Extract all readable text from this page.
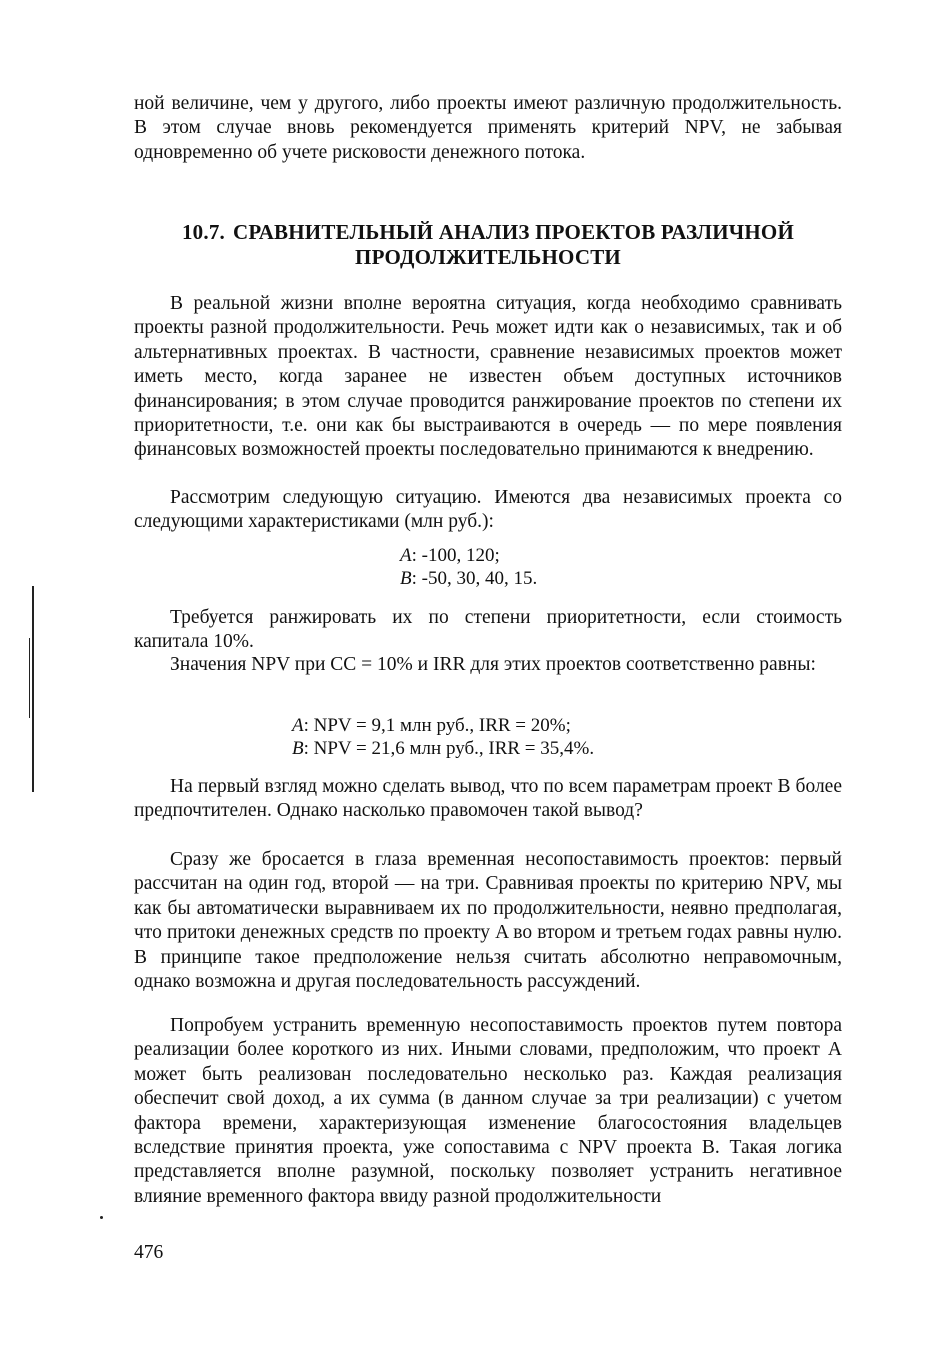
ной величине, чем у другого, либо проекты имеют различную продолжительность. В этом случае вновь рекомендуется применять критерий NPV, не забывая одновременно об учете рисковости денежного потока.

10.7. СРАВНИТЕЛЬНЫЙ АНАЛИЗ ПРОЕКТОВ РАЗЛИЧНОЙ
ПРОДОЛЖИТЕЛЬНОСТИ

В реальной жизни вполне вероятна ситуация, когда необходимо сравнивать проекты разной продолжительности. Речь может идти как о независимых, так и об альтернативных проектах. В частности, сравнение независимых проектов может иметь место, когда заранее не известен объем доступных источников финансирования; в этом случае проводится ранжирование проектов по степени их приоритетности, т.е. они как бы выстраиваются в очередь — по мере появления финансовых возможностей проекты последовательно принимаются к внедрению.

Рассмотрим следующую ситуацию. Имеются два независимых проекта со следующими характеристиками (млн руб.):

A: -100, 120;
B: -50, 30, 40, 15.

Требуется ранжировать их по степени приоритетности, если стоимость капитала 10%.

Значения NPV при CC = 10% и IRR для этих проектов соответственно равны:

A: NPV = 9,1 млн руб., IRR = 20%;
B: NPV = 21,6 млн руб., IRR = 35,4%.

На первый взгляд можно сделать вывод, что по всем параметрам проект B более предпочтителен. Однако насколько правомочен такой вывод?

Сразу же бросается в глаза временная несопоставимость проектов: первый рассчитан на один год, второй — на три. Сравнивая проекты по критерию NPV, мы как бы автоматически выравниваем их по продолжительности, неявно предполагая, что притоки денежных средств по проекту A во втором и третьем годах равны нулю. В принципе такое предположение нельзя считать абсолютно неправомочным, однако возможна и другая последовательность рассуждений.

Попробуем устранить временную несопоставимость проектов путем повтора реализации более короткого из них. Иными словами, предположим, что проект A может быть реализован последовательно несколько раз. Каждая реализация обеспечит свой доход, а их сумма (в данном случае за три реализации) с учетом фактора времени, характеризующая изменение благосостояния владельцев вследствие принятия проекта, уже сопоставима с NPV проекта B. Такая логика представляется вполне разумной, поскольку позволяет устранить негативное влияние временного фактора ввиду разной продолжительности

476
